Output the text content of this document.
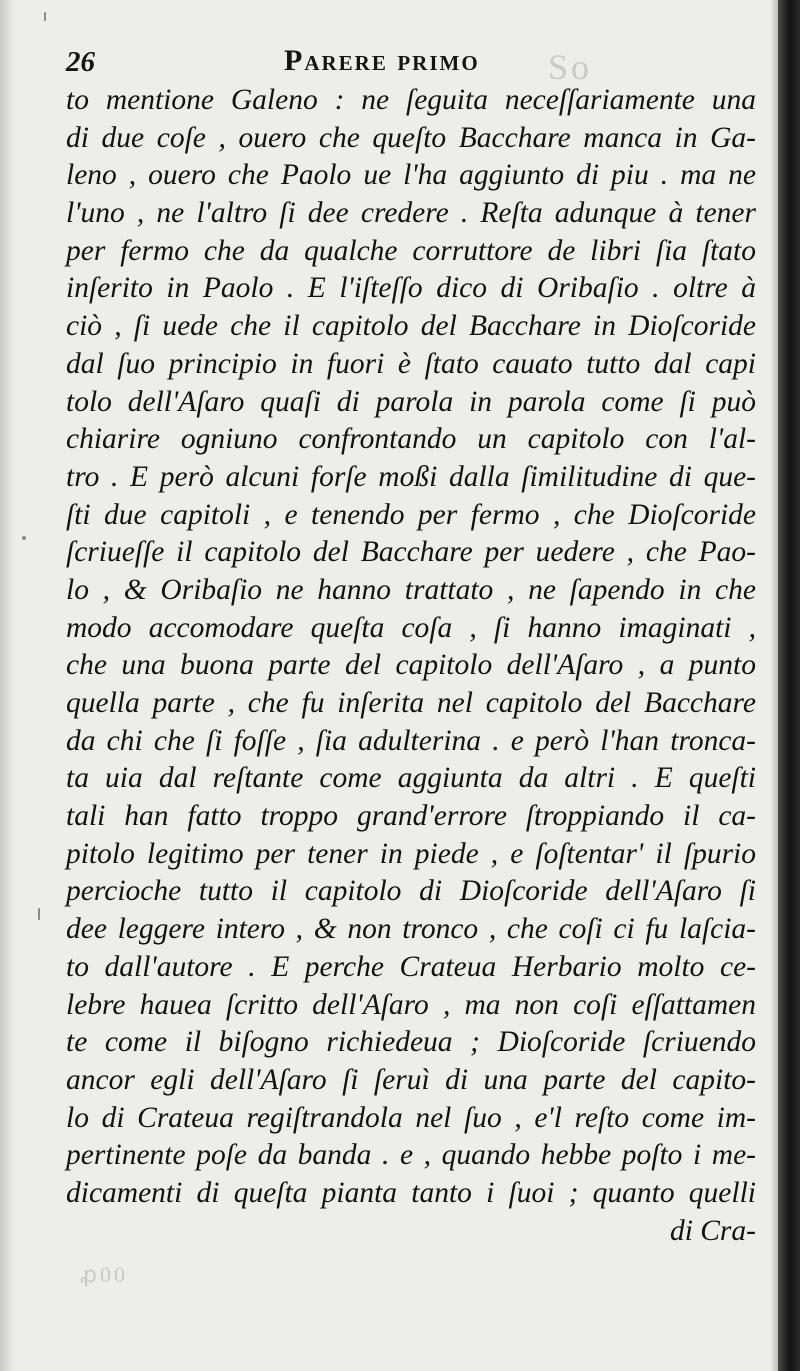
So
ꝓ00
26	Parere primo
to mentione Galeno : ne ſeguita neceſſariamente una
di due coſe , ouero che queſto Bacchare manca in Ga-
leno , ouero che Paolo ue l'ha aggiunto di piu . ma ne
l'uno , ne l'altro ſi dee credere . Reſta adunque à tener
per fermo che da qualche corruttore de libri ſia ſtato
inſerito in Paolo . E l'iſteſſo dico di Oribaſio . oltre à
ciò , ſi uede che il capitolo del Bacchare in Dioſcoride
dal ſuo principio in fuori è ſtato cauato tutto dal capi
tolo dell'Aſaro quaſi di parola in parola come ſi può
chiarire ogniuno confrontando un capitolo con l'al-
tro . E però alcuni forſe moßi dalla ſimilitudine di que-
ſti due capitoli , e tenendo per fermo , che Dioſcoride
ſcriueſſe il capitolo del Bacchare per uedere , che Pao-
lo , & Oribaſio ne hanno trattato , ne ſapendo in che
modo accomodare queſta coſa , ſi hanno imaginati ,
che una buona parte del capitolo dell'Aſaro , a punto
quella parte , che fu inſerita nel capitolo del Bacchare
da chi che ſi foſſe , ſia adulterina . e però l'han tronca-
ta uia dal reſtante come aggiunta da altri . E queſti
tali han fatto troppo grand'errore ſtroppiando il ca-
pitolo legitimo per tener in piede , e ſoſtentar' il ſpurio
percioche tutto il capitolo di Dioſcoride dell'Aſaro ſi
dee leggere intero , & non tronco , che coſi ci fu laſcia-
to dall'autore . E perche Crateua Herbario molto ce-
lebre hauea ſcritto dell'Aſaro , ma non coſi eſſattamen
te come il biſogno richiedeua ; Dioſcoride ſcriuendo
ancor egli dell'Aſaro ſi ſeruì di una parte del capito-
lo di Crateua regiſtrandola nel ſuo , e'l reſto come im-
pertinente poſe da banda . e , quando hebbe poſto i me-
dicamenti di queſta pianta tanto i ſuoi ; quanto quelli
di Cra-
